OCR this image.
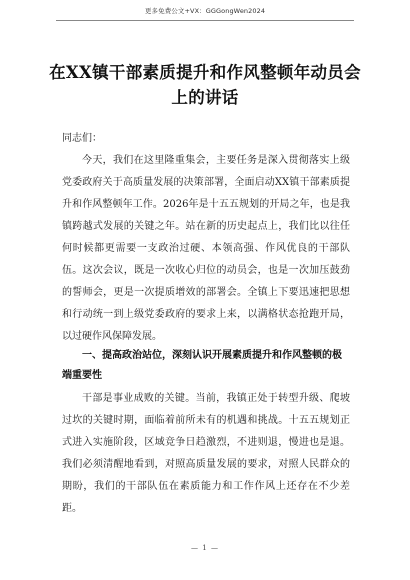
更多免费公文+VX：GGGongWen2024
在XX镇干部素质提升和作风整顿年动员会上的讲话
同志们：
今天，我们在这里隆重集会，主要任务是深入贯彻落实上级党委政府关于高质量发展的决策部署，全面启动XX镇干部素质提升和作风整顿年工作。2026年是十五五规划的开局之年，也是我镇跨越式发展的关键之年。站在新的历史起点上，我们比以往任何时候都更需要一支政治过硬、本领高强、作风优良的干部队伍。这次会议，既是一次收心归位的动员会，也是一次加压鼓劲的誓师会，更是一次提质增效的部署会。全镇上下要迅速把思想和行动统一到上级党委政府的要求上来，以满格状态抢跑开局，以过硬作风保障发展。
一、提高政治站位，深刻认识开展素质提升和作风整顿的极端重要性
干部是事业成败的关键。当前，我镇正处于转型升级、爬坡过坎的关键时期，面临着前所未有的机遇和挑战。十五五规划正式进入实施阶段，区域竞争日趋激烈，不进则退，慢进也是退。我们必须清醒地看到，对照高质量发展的要求，对照人民群众的期盼，我们的干部队伍在素质能力和工作作风上还存在不少差距。
— 1 —
